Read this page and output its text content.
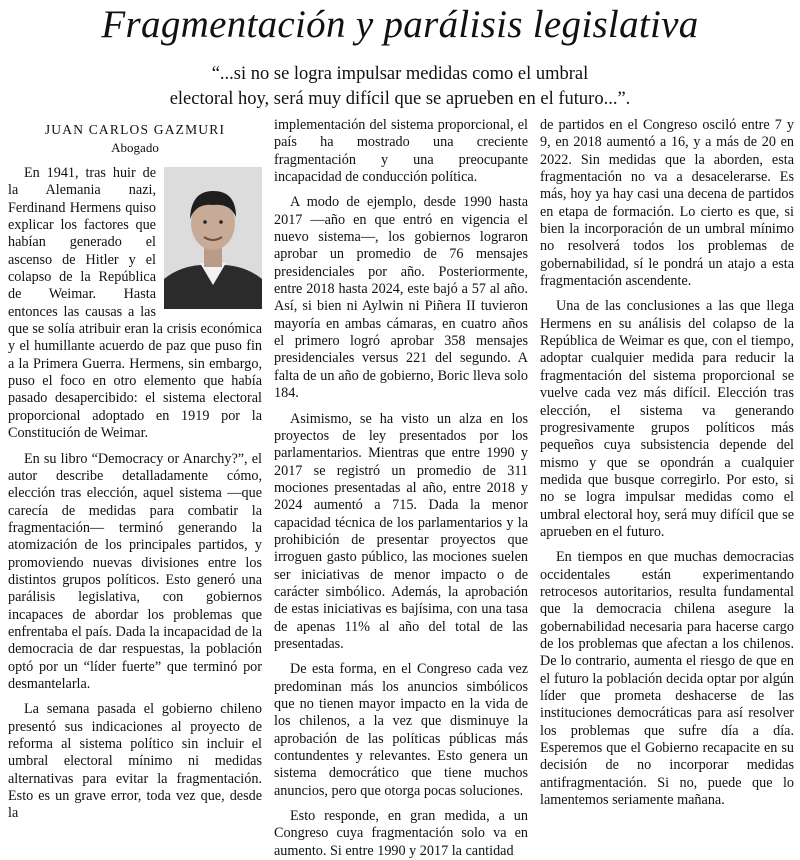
Fragmentación y parálisis legislativa
“...si no se logra impulsar medidas como el umbral
electoral hoy, será muy difícil que se aprueben en el futuro...”.
JUAN CARLOS GAZMURI
Abogado

En 1941, tras huir de la Alemania nazi, Ferdinand Hermens quiso explicar los factores que habían generado el ascenso de Hitler y el colapso de la República de Weimar. Hasta entonces las causas a las que se solía atribuir eran la crisis económica y el humillante acuerdo de paz que puso fin a la Primera Guerra. Hermens, sin embargo, puso el foco en otro elemento que había pasado desapercibido: el sistema electoral proporcional adoptado en 1919 por la Constitución de Weimar.

En su libro “Democracy or Anarchy?”, el autor describe detalladamente cómo, elección tras elección, aquel sistema —que carecía de medidas para combatir la fragmentación— terminó generando la atomización de los principales partidos, y promoviendo nuevas divisiones entre los distintos grupos políticos. Esto generó una parálisis legislativa, con gobiernos incapaces de abordar los problemas que enfrentaba el país. Dada la incapacidad de la democracia de dar respuestas, la población optó por un “líder fuerte” que terminó por desmantelarla.

La semana pasada el gobierno chileno presentó sus indicaciones al proyecto de reforma al sistema político sin incluir el umbral electoral mínimo ni medidas alternativas para evitar la fragmentación. Esto es un grave error, toda vez que, desde la

implementación del sistema proporcional, el país ha mostrado una creciente fragmentación y una preocupante incapacidad de conducción política.

A modo de ejemplo, desde 1990 hasta 2017 —año en que entró en vigencia el nuevo sistema—, los gobiernos lograron aprobar un promedio de 76 mensajes presidenciales por año. Posteriormente, entre 2018 hasta 2024, este bajó a 57 al año. Así, si bien ni Aylwin ni Piñera II tuvieron mayoría en ambas cámaras, en cuatro años el primero logró aprobar 358 mensajes presidenciales versus 221 del segundo. A falta de un año de gobierno, Boric lleva solo 184.

Asimismo, se ha visto un alza en los proyectos de ley presentados por los parlamentarios. Mientras que entre 1990 y 2017 se registró un promedio de 311 mociones presentadas al año, entre 2018 y 2024 aumentó a 715. Dada la menor capacidad técnica de los parlamentarios y la prohibición de presentar proyectos que irroguen gasto público, las mociones suelen ser iniciativas de menor impacto o de carácter simbólico. Además, la aprobación de estas iniciativas es bajísima, con una tasa de apenas 11% al año del total de las presentadas.

De esta forma, en el Congreso cada vez predominan más los anuncios simbólicos que no tienen mayor impacto en la vida de los chilenos, a la vez que disminuye la aprobación de las políticas públicas más contundentes y relevantes. Esto genera un sistema democrático que tiene muchos anuncios, pero que otorga pocas soluciones.

Esto responde, en gran medida, a un Congreso cuya fragmentación solo va en aumento. Si entre 1990 y 2017 la cantidad

de partidos en el Congreso osciló entre 7 y 9, en 2018 aumentó a 16, y a más de 20 en 2022. Sin medidas que la aborden, esta fragmentación no va a desacelerarse. Es más, hoy ya hay casi una decena de partidos en etapa de formación. Lo cierto es que, si bien la incorporación de un umbral mínimo no resolverá todos los problemas de gobernabilidad, sí le pondrá un atajo a esta fragmentación ascendente.

Una de las conclusiones a las que llega Hermens en su análisis del colapso de la República de Weimar es que, con el tiempo, adoptar cualquier medida para reducir la fragmentación del sistema proporcional se vuelve cada vez más difícil. Elección tras elección, el sistema va generando progresivamente grupos políticos más pequeños cuya subsistencia depende del mismo y que se opondrán a cualquier medida que busque corregirlo. Por esto, si no se logra impulsar medidas como el umbral electoral hoy, será muy difícil que se aprueben en el futuro.

En tiempos en que muchas democracias occidentales están experimentando retrocesos autoritarios, resulta fundamental que la democracia chilena asegure la gobernabilidad necesaria para hacerse cargo de los problemas que afectan a los chilenos. De lo contrario, aumenta el riesgo de que en el futuro la población decida optar por algún líder que prometa deshacerse de las instituciones democráticas para así resolver los problemas que sufre día a día. Esperemos que el Gobierno recapacite en su decisión de no incorporar medidas antifragmentación. Si no, puede que lo lamentemos seriamente mañana.
